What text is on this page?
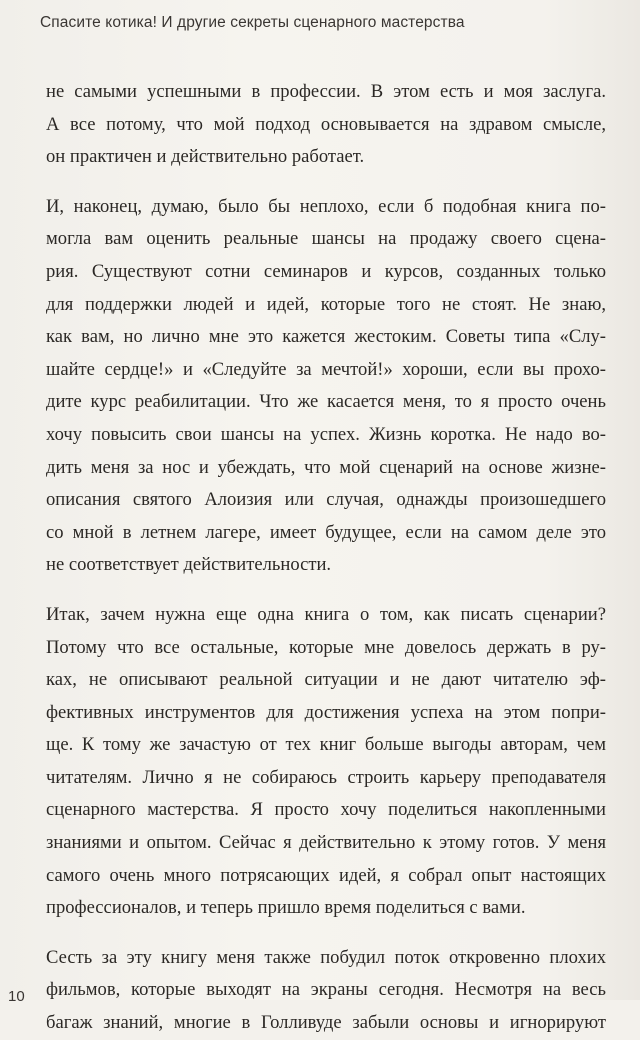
Спасите котика! И другие секреты сценарного мастерства

не самыми успешными в профессии. В этом есть и моя заслуга.
А все потому, что мой подход основывается на здравом смысле,
он практичен и действительно работает.

И, наконец, думаю, было бы неплохо, если б подобная книга по-
могла вам оценить реальные шансы на продажу своего сцена-
рия. Существуют сотни семинаров и курсов, созданных только
для поддержки людей и идей, которые того не стоят. Не знаю,
как вам, но лично мне это кажется жестоким. Советы типа «Слу-
шайте сердце!» и «Следуйте за мечтой!» хороши, если вы прохо-
дите курс реабилитации. Что же касается меня, то я просто очень
хочу повысить свои шансы на успех. Жизнь коротка. Не надо во-
дить меня за нос и убеждать, что мой сценарий на основе жизне-
описания святого Алоизия или случая, однажды произошедшего
со мной в летнем лагере, имеет будущее, если на самом деле это
не соответствует действительности.

Итак, зачем нужна еще одна книга о том, как писать сценарии?
Потому что все остальные, которые мне довелось держать в ру-
ках, не описывают реальной ситуации и не дают читателю эф-
фективных инструментов для достижения успеха на этом попри-
ще. К тому же зачастую от тех книг больше выгоды авторам, чем
читателям. Лично я не собираюсь строить карьеру преподавателя
сценарного мастерства. Я просто хочу поделиться накопленными
знаниями и опытом. Сейчас я действительно к этому готов. У меня
самого очень много потрясающих идей, я собрал опыт настоящих
профессионалов, и теперь пришло время поделиться с вами.

Сесть за эту книгу меня также побудил поток откровенно плохих
фильмов, которые выходят на экраны сегодня. Несмотря на весь
багаж знаний, многие в Голливуде забыли основы и игнорируют

10
